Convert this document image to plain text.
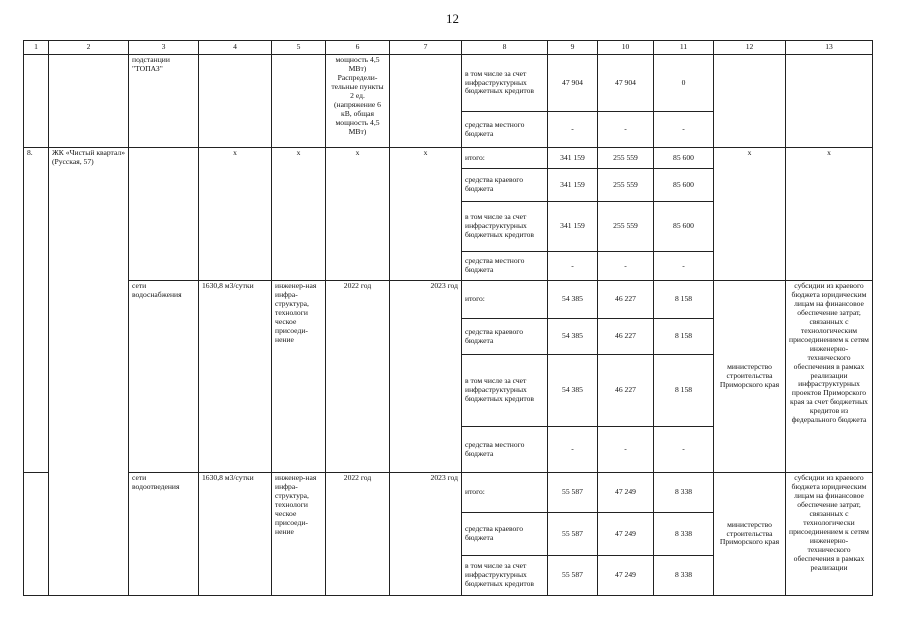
12
1	2	3	4	5	6	7	8	9	10	11	12	13
		подстанции "ТОПАЗ"			мощность 4,5 МВт) Распредели-тельные пункты 2 ед. (напряжение 6 кВ, общая мощность 4,5 МВт)		в том числе за счет инфраструктурных бюджетных кредитов	47 904	47 904	0		
							средства местного бюджета	-	-	-		
8.	ЖК «Чистый квартал» (Русская, 57)		х	х	х	х	итого:	341 159	255 559	85 600	х	х
							средства краевого бюджета	341 159	255 559	85 600		
							в том числе за счет инфраструктурных бюджетных кредитов	341 159	255 559	85 600		
							средства местного бюджета	-	-	-		
		сети водоснабжения	1630,8 м3/сутки	инженер-ная инфра-структура, технологи ческое присоеди-нение	2022 год	2023 год	итого:	54 385	46 227	8 158	министерство строительства Приморского края	субсидии из краевого бюджета юридическим лицам на финансовое обеспечение затрат, связанных с технологическим присоединением к сетям инженерно-технического обеспечения в рамках реализации инфраструктурных проектов Приморского края за счет бюджетных кредитов из федерального бюджета
							средства краевого бюджета	54 385	46 227	8 158		
							в том числе за счет инфраструктурных бюджетных кредитов	54 385	46 227	8 158		
							средства местного бюджета	-	-	-		
		сети водоотведения	1630,8 м3/сутки	инженер-ная инфра-структура, технологи ческое присоеди-нение	2022 год	2023 год	итого:	55 587	47 249	8 338	министерство строительства Приморского края	субсидии из краевого бюджета юридическим лицам на финансовое обеспечение затрат, связанных с технологически присоединением к сетям инженерно-технического обеспечения в рамках реализации
							средства краевого бюджета	55 587	47 249	8 338		
							в том числе за счет инфраструктурных бюджетных кредитов	55 587	47 249	8 338		
